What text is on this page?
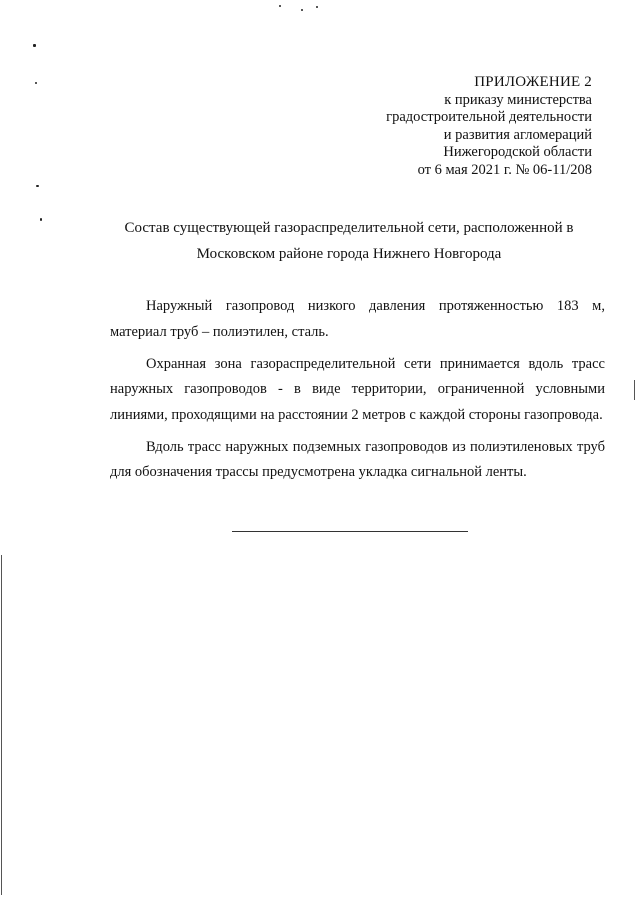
ПРИЛОЖЕНИЕ 2
к приказу министерства
градостроительной деятельности
и развития агломераций
Нижегородской области
от 6 мая 2021 г. № 06-11/208
Состав существующей газораспределительной сети, расположенной в
Московском районе города Нижнего Новгорода

Наружный газопровод низкого давления протяженностью 183 м, материал труб – полиэтилен, сталь.

Охранная зона газораспределительной сети принимается вдоль трасс наружных газопроводов - в виде территории, ограниченной условными линиями, проходящими на расстоянии 2 метров с каждой стороны газопровода.

Вдоль трасс наружных подземных газопроводов из полиэтиленовых труб для обозначения трассы предусмотрена укладка сигнальной ленты.
